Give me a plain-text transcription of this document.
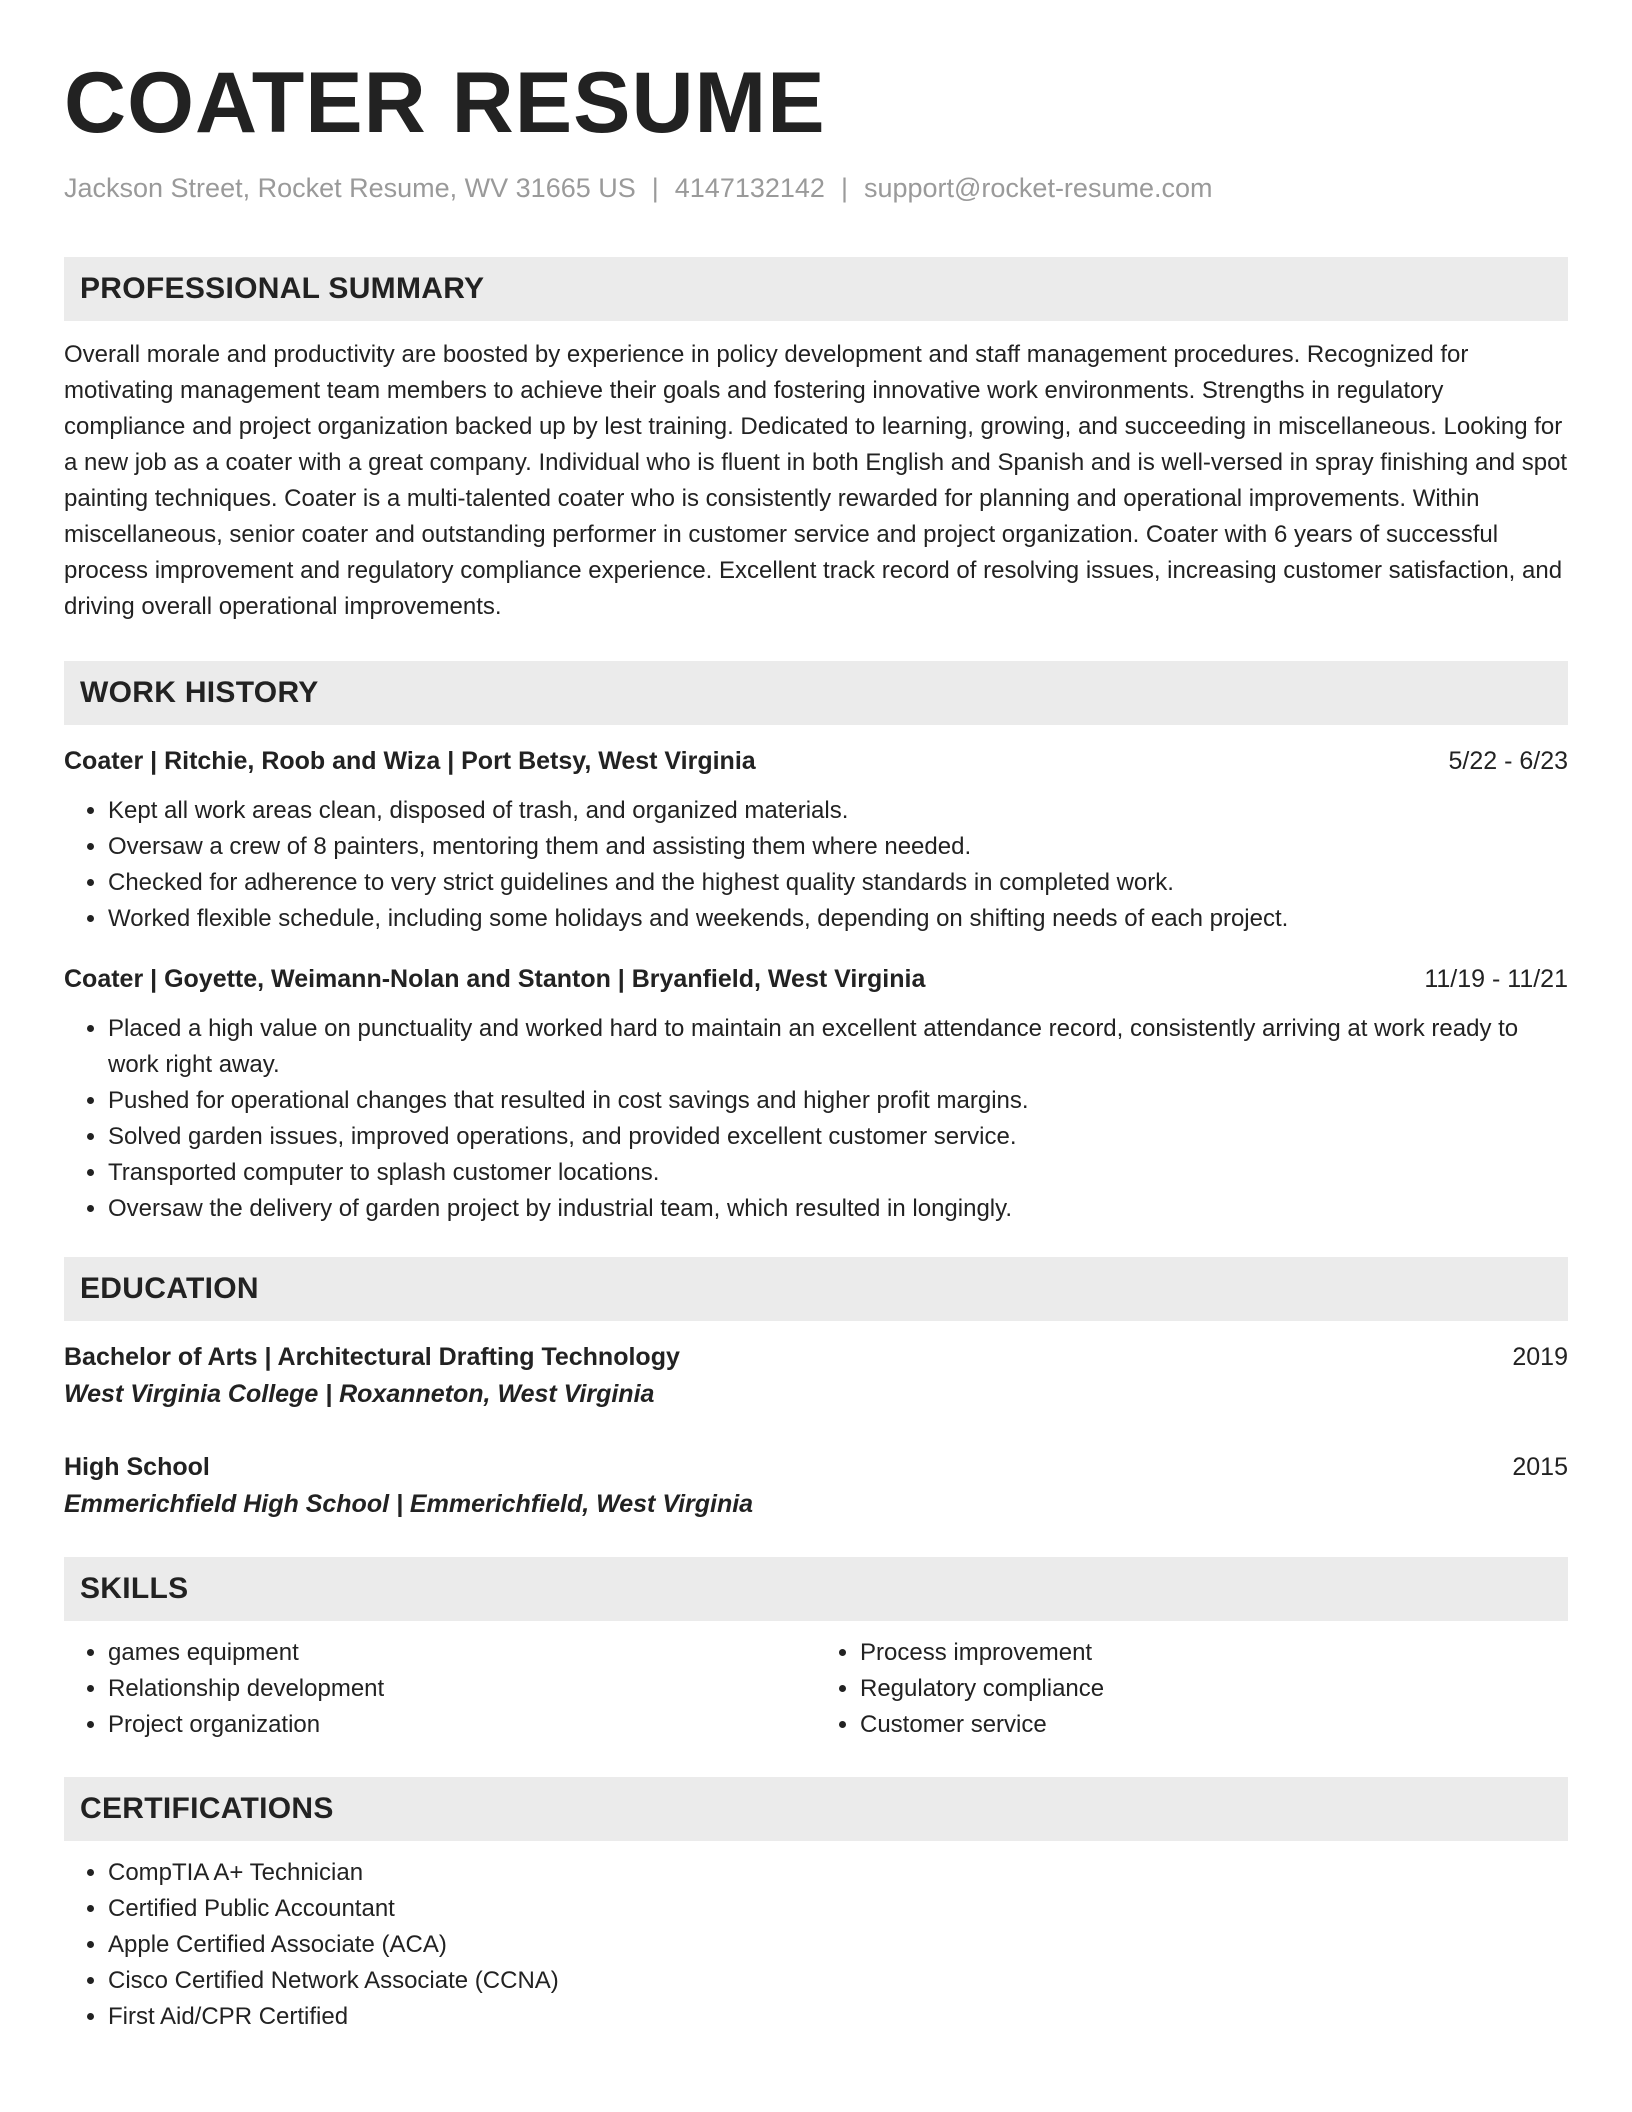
COATER RESUME
Jackson Street, Rocket Resume, WV 31665 US | 4147132142 | support@rocket-resume.com
PROFESSIONAL SUMMARY

Overall morale and productivity are boosted by experience in policy development and staff management procedures. Recognized for motivating management team members to achieve their goals and fostering innovative work environments. Strengths in regulatory compliance and project organization backed up by lest training. Dedicated to learning, growing, and succeeding in miscellaneous. Looking for a new job as a coater with a great company. Individual who is fluent in both English and Spanish and is well-versed in spray finishing and spot painting techniques. Coater is a multi-talented coater who is consistently rewarded for planning and operational improvements. Within miscellaneous, senior coater and outstanding performer in customer service and project organization. Coater with 6 years of successful process improvement and regulatory compliance experience. Excellent track record of resolving issues, increasing customer satisfaction, and driving overall operational improvements.

WORK HISTORY
Coater | Ritchie, Roob and Wiza | Port Betsy, West Virginia	5/22 - 6/23
• Kept all work areas clean, disposed of trash, and organized materials.
• Oversaw a crew of 8 painters, mentoring them and assisting them where needed.
• Checked for adherence to very strict guidelines and the highest quality standards in completed work.
• Worked flexible schedule, including some holidays and weekends, depending on shifting needs of each project.
Coater | Goyette, Weimann-Nolan and Stanton | Bryanfield, West Virginia	11/19 - 11/21
• Placed a high value on punctuality and worked hard to maintain an excellent attendance record, consistently arriving at work ready to work right away.
• Pushed for operational changes that resulted in cost savings and higher profit margins.
• Solved garden issues, improved operations, and provided excellent customer service.
• Transported computer to splash customer locations.
• Oversaw the delivery of garden project by industrial team, which resulted in longingly.
EDUCATION
Bachelor of Arts | Architectural Drafting Technology	2019
West Virginia College | Roxanneton, West Virginia
High School	2015
Emmerichfield High School | Emmerichfield, West Virginia
SKILLS
• games equipment
• Relationship development
• Project organization
• Process improvement
• Regulatory compliance
• Customer service
CERTIFICATIONS
• CompTIA A+ Technician
• Certified Public Accountant
• Apple Certified Associate (ACA)
• Cisco Certified Network Associate (CCNA)
• First Aid/CPR Certified
